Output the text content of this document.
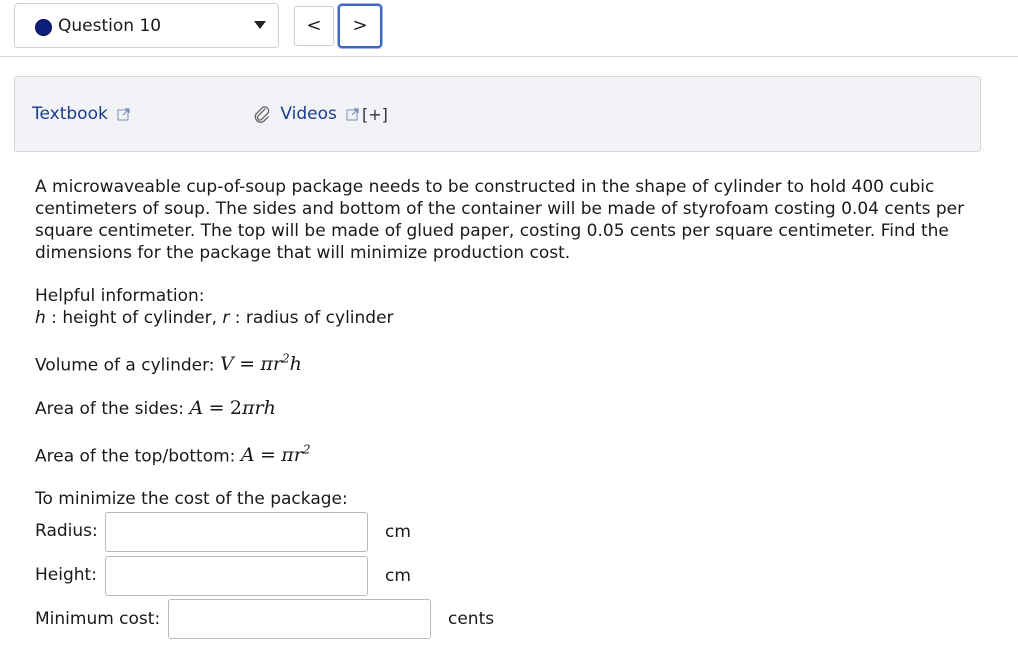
Question 10	<	>
Textbook	Videos	[+]
A microwaveable cup-of-soup package needs to be constructed in the shape of cylinder to hold 400 cubic centimeters of soup. The sides and bottom of the container will be made of styrofoam costing 0.04 cents per square centimeter. The top will be made of glued paper, costing 0.05 cents per square centimeter. Find the dimensions for the package that will minimize production cost.
Helpful information:
h : height of cylinder, r : radius of cylinder
Volume of a cylinder: $V = \pi r^2h$
Area of the sides: A = 2πrh
Area of the top/bottom: $A = \pi r^2$
To minimize the cost of the package:
Radius:	cm
Height:	cm
Minimum cost:	cents
